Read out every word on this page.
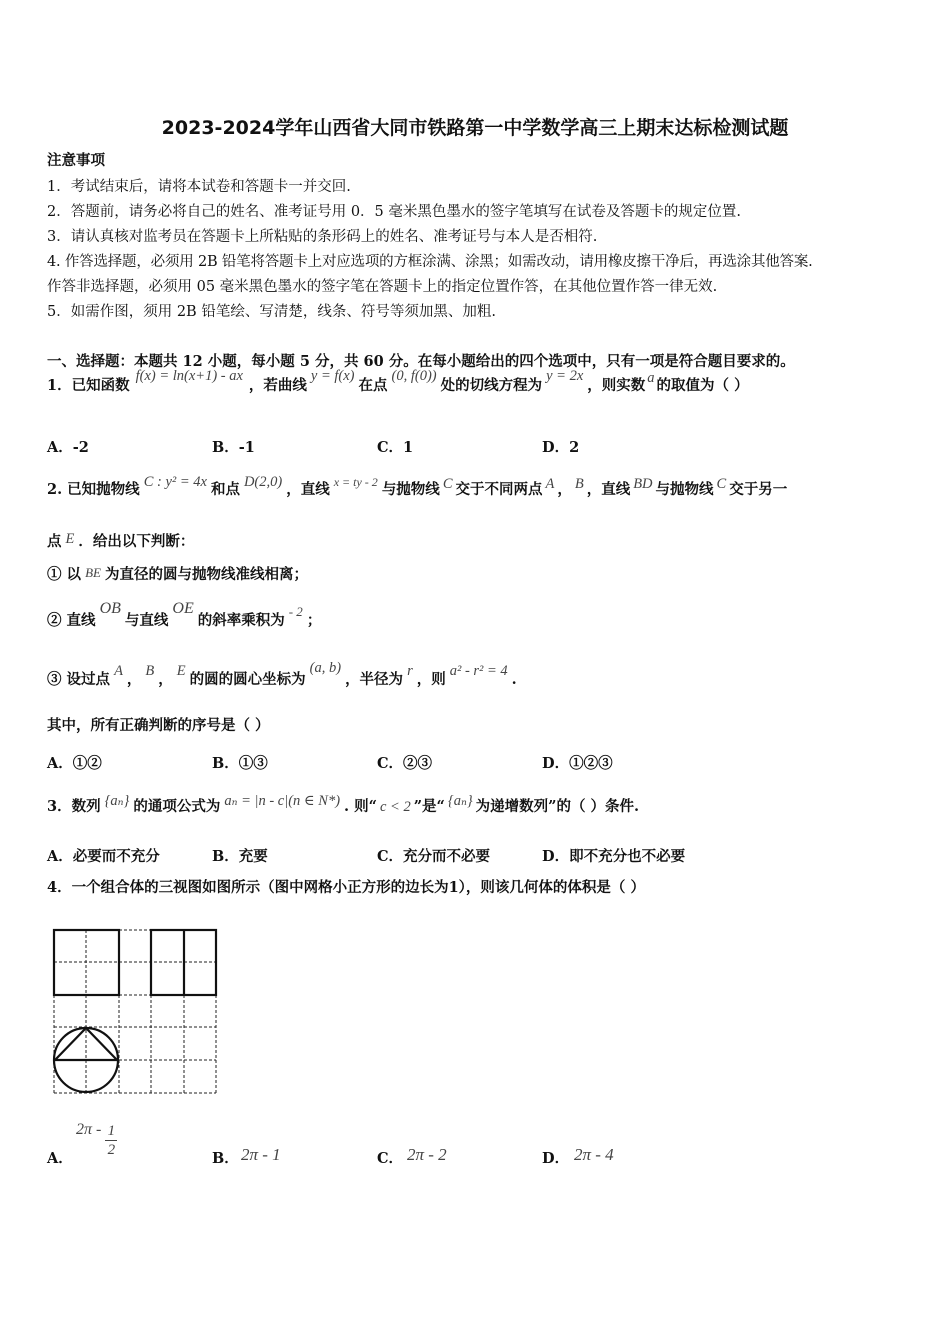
2023-2024学年山西省大同市铁路第一中学数学高三上期末达标检测试题
注意事项
1．考试结束后，请将本试卷和答题卡一并交回.
2．答题前，请务必将自己的姓名、准考证号用 0．5 毫米黑色墨水的签字笔填写在试卷及答题卡的规定位置.
3．请认真核对监考员在答题卡上所粘贴的条形码上的姓名、准考证号与本人是否相符.
4. 作答选择题，必须用 2B 铅笔将答题卡上对应选项的方框涂满、涂黑；如需改动，请用橡皮擦干净后，再选涂其他答案.
作答非选择题，必须用 05 毫米黑色墨水的签字笔在答题卡上的指定位置作答，在其他位置作答一律无效.
5．如需作图，须用 2B 铅笔绘、写清楚，线条、符号等须加黑、加粗.
一、选择题：本题共 12 小题，每小题 5 分，共 60 分。在每小题给出的四个选项中，只有一项是符合题目要求的。
1．已知函数f(x) = ln(x+1) - ax，若曲线y = f(x)在点(0, f(0))处的切线方程为y = 2x，则实数 a 的取值为（ ）
A．-2	B．-1	C．1	D．2
2. 已知抛物线 C : y² = 4x 和点 D(2,0) ，直线 x = ty - 2 与抛物线 C 交于不同两点 A ， B ，直线 BD 与抛物线 C 交于另一
点 E ．给出以下判断：
① 以 BE 为直径的圆与抛物线准线相离；
② 直线OB与直线OE的斜率乘积为- 2；
③ 设过点 A ， B ， E 的圆的圆心坐标为(a, b)，半径为 r ，则 a² - r² = 4 .
其中，所有正确判断的序号是（ ）
A．①②	B．①③	C．②③	D．①②③
3．数列 {aₙ} 的通项公式为 aₙ = |n - c|(n ∈ N*) . 则“ c < 2 ”是“ {aₙ} 为递增数列”的（ ）条件.
A．必要而不充分	B．充要	C．充分而不必要	D．即不充分也不必要
4．一个组合体的三视图如图所示（图中网格小正方形的边长为1），则该几何体的体积是（ ）
A．
$2\pi - \frac{1}{2}$	B． 2π - 1	C． 2π - 2	D． 2π - 4
